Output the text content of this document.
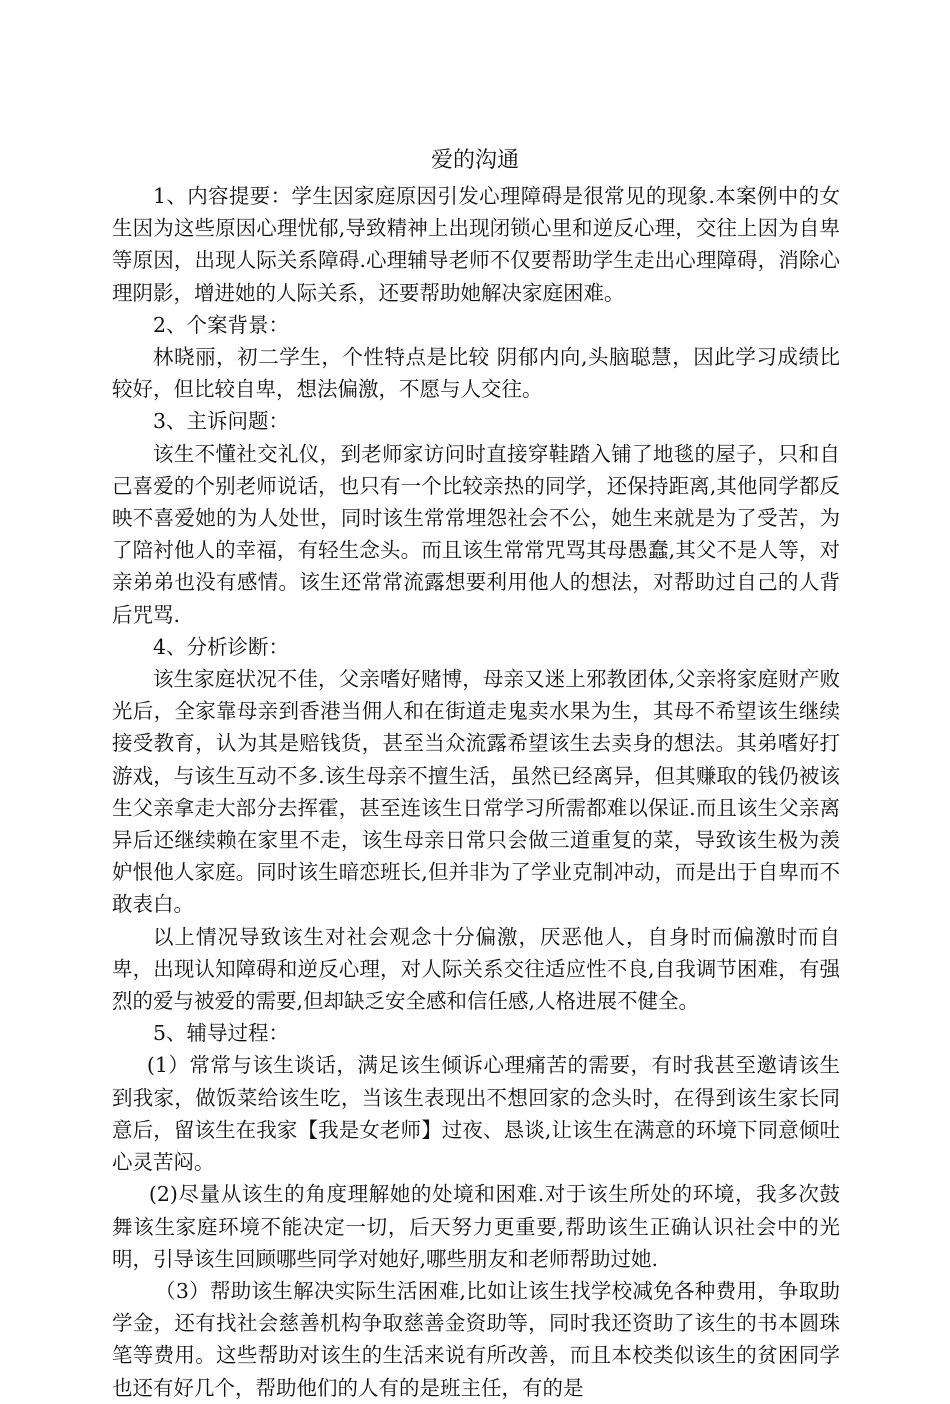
爱的沟通

1、内容提要：学生因家庭原因引发心理障碍是很常见的现象.本案例中的女生因为这些原因心理忧郁,导致精神上出现闭锁心里和逆反心理，交往上因为自卑等原因，出现人际关系障碍.心理辅导老师不仅要帮助学生走出心理障碍，消除心理阴影，增进她的人际关系，还要帮助她解决家庭困难。

2、个案背景：

林晓丽，初二学生，个性特点是比较 阴郁内向,头脑聪慧，因此学习成绩比较好，但比较自卑，想法偏激，不愿与人交往。

3、主诉问题：

该生不懂社交礼仪，到老师家访问时直接穿鞋踏入铺了地毯的屋子，只和自己喜爱的个别老师说话，也只有一个比较亲热的同学，还保持距离,其他同学都反映不喜爱她的为人处世，同时该生常常埋怨社会不公，她生来就是为了受苦，为了陪衬他人的幸福，有轻生念头。而且该生常常咒骂其母愚蠢,其父不是人等，对亲弟弟也没有感情。该生还常常流露想要利用他人的想法，对帮助过自己的人背后咒骂.

4、分析诊断：

该生家庭状况不佳，父亲嗜好赌博，母亲又迷上邪教团体,父亲将家庭财产败光后，全家靠母亲到香港当佣人和在街道走鬼卖水果为生，其母不希望该生继续接受教育，认为其是赔钱货，甚至当众流露希望该生去卖身的想法。其弟嗜好打游戏，与该生互动不多.该生母亲不擅生活，虽然已经离异，但其赚取的钱仍被该生父亲拿走大部分去挥霍，甚至连该生日常学习所需都难以保证.而且该生父亲离异后还继续赖在家里不走，该生母亲日常只会做三道重复的菜，导致该生极为羡妒恨他人家庭。同时该生暗恋班长,但并非为了学业克制冲动，而是出于自卑而不敢表白。

以上情况导致该生对社会观念十分偏激，厌恶他人，自身时而偏激时而自卑，出现认知障碍和逆反心理，对人际关系交往适应性不良,自我调节困难，有强烈的爱与被爱的需要,但却缺乏安全感和信任感,人格进展不健全。

5、辅导过程：

(1）常常与该生谈话，满足该生倾诉心理痛苦的需要，有时我甚至邀请该生到我家，做饭菜给该生吃，当该生表现出不想回家的念头时，在得到该生家长同意后，留该生在我家【我是女老师】过夜、恳谈,让该生在满意的环境下同意倾吐心灵苦闷。

(2)尽量从该生的角度理解她的处境和困难.对于该生所处的环境，我多次鼓舞该生家庭环境不能决定一切，后天努力更重要,帮助该生正确认识社会中的光明，引导该生回顾哪些同学对她好,哪些朋友和老师帮助过她.

（3）帮助该生解决实际生活困难,比如让该生找学校减免各种费用，争取助学金，还有找社会慈善机构争取慈善金资助等，同时我还资助了该生的书本圆珠笔等费用。这些帮助对该生的生活来说有所改善，而且本校类似该生的贫困同学也还有好几个，帮助他们的人有的是班主任，有的是
